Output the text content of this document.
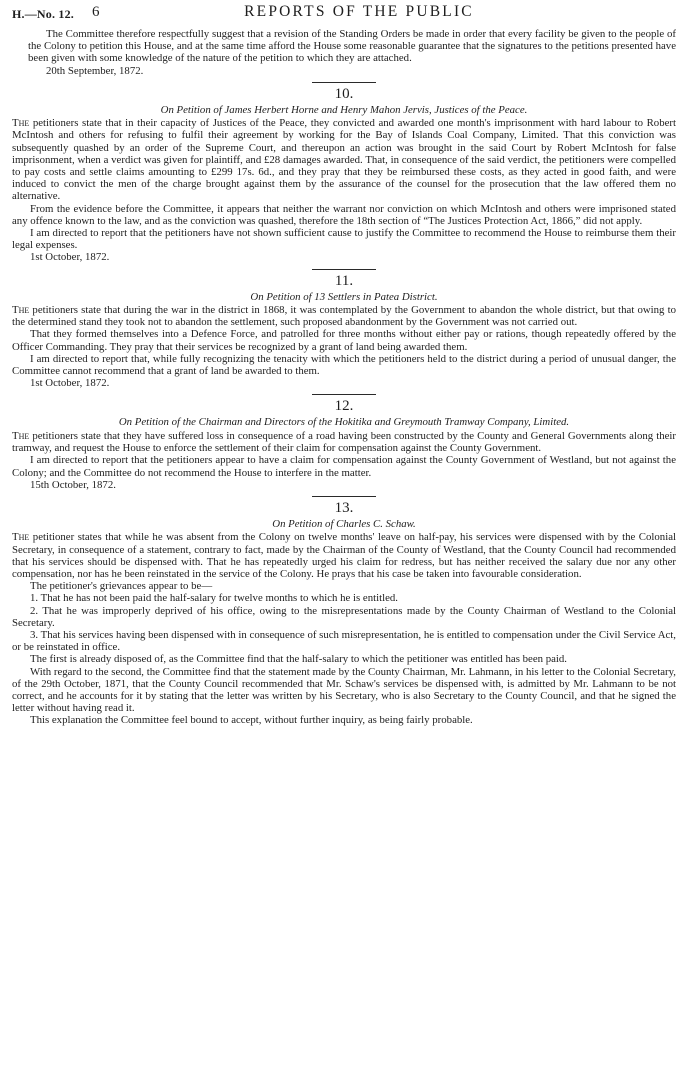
H.—No. 12. 6	REPORTS OF THE PUBLIC

The Committee therefore respectfully suggest that a revision of the Standing Orders be made in order that every facility be given to the people of the Colony to petition this House, and at the same time afford the House some reasonable guarantee that the signatures to the petitions presented have been given with some knowledge of the nature of the petition to which they are attached.

20th September, 1872.

10.
On Petition of James Herbert Horne and Henry Mahon Jervis, Justices of the Peace.

The petitioners state that in their capacity of Justices of the Peace, they convicted and awarded one month's imprisonment with hard labour to Robert McIntosh and others for refusing to fulfil their agreement by working for the Bay of Islands Coal Company, Limited. That this conviction was subsequently quashed by an order of the Supreme Court, and thereupon an action was brought in the said Court by Robert McIntosh for false imprisonment, when a verdict was given for plaintiff, and £28 damages awarded. That, in consequence of the said verdict, the petitioners were compelled to pay costs and settle claims amounting to £299 17s. 6d., and they pray that they be reimbursed these costs, as they acted in good faith, and were induced to convict the men of the charge brought against them by the assurance of the counsel for the prosecution that the law offered them no alternative.

From the evidence before the Committee, it appears that neither the warrant nor conviction on which McIntosh and others were imprisoned stated any offence known to the law, and as the conviction was quashed, therefore the 18th section of “The Justices Protection Act, 1866,” did not apply.

I am directed to report that the petitioners have not shown sufficient cause to justify the Committee to recommend the House to reimburse them their legal expenses.

1st October, 1872.

11.
On Petition of 13 Settlers in Patea District.

The petitioners state that during the war in the district in 1868, it was contemplated by the Government to abandon the whole district, but that owing to the determined stand they took not to abandon the settlement, such proposed abandonment by the Government was not carried out.

That they formed themselves into a Defence Force, and patrolled for three months without either pay or rations, though repeatedly offered by the Officer Commanding. They pray that their services be recognized by a grant of land being awarded them.

I am directed to report that, while fully recognizing the tenacity with which the petitioners held to the district during a period of unusual danger, the Committee cannot recommend that a grant of land be awarded to them.

1st October, 1872.

12.
On Petition of the Chairman and Directors of the Hokitika and Greymouth Tramway Company, Limited.

The petitioners state that they have suffered loss in consequence of a road having been constructed by the County and General Governments along their tramway, and request the House to enforce the settlement of their claim for compensation against the County Government.

I am directed to report that the petitioners appear to have a claim for compensation against the County Government of Westland, but not against the Colony; and the Committee do not recommend the House to interfere in the matter.

15th October, 1872.

13.
On Petition of Charles C. Schaw.

The petitioner states that while he was absent from the Colony on twelve months' leave on half-pay, his services were dispensed with by the Colonial Secretary, in consequence of a statement, contrary to fact, made by the Chairman of the County of Westland, that the County Council had recommended that his services should be dispensed with. That he has repeatedly urged his claim for redress, but has neither received the salary due nor any other compensation, nor has he been reinstated in the service of the Colony. He prays that his case be taken into favourable consideration.

The petitioner's grievances appear to be—

1. That he has not been paid the half-salary for twelve months to which he is entitled.

2. That he was improperly deprived of his office, owing to the misrepresentations made by the County Chairman of Westland to the Colonial Secretary.

3. That his services having been dispensed with in consequence of such misrepresentation, he is entitled to compensation under the Civil Service Act, or be reinstated in office.

The first is already disposed of, as the Committee find that the half-salary to which the petitioner was entitled has been paid.

With regard to the second, the Committee find that the statement made by the County Chairman, Mr. Lahmann, in his letter to the Colonial Secretary, of the 29th October, 1871, that the County Council recommended that Mr. Schaw's services be dispensed with, is admitted by Mr. Lahmann to be not correct, and he accounts for it by stating that the letter was written by his Secretary, who is also Secretary to the County Council, and that he signed the letter without having read it.

This explanation the Committee feel bound to accept, without further inquiry, as being fairly probable.
